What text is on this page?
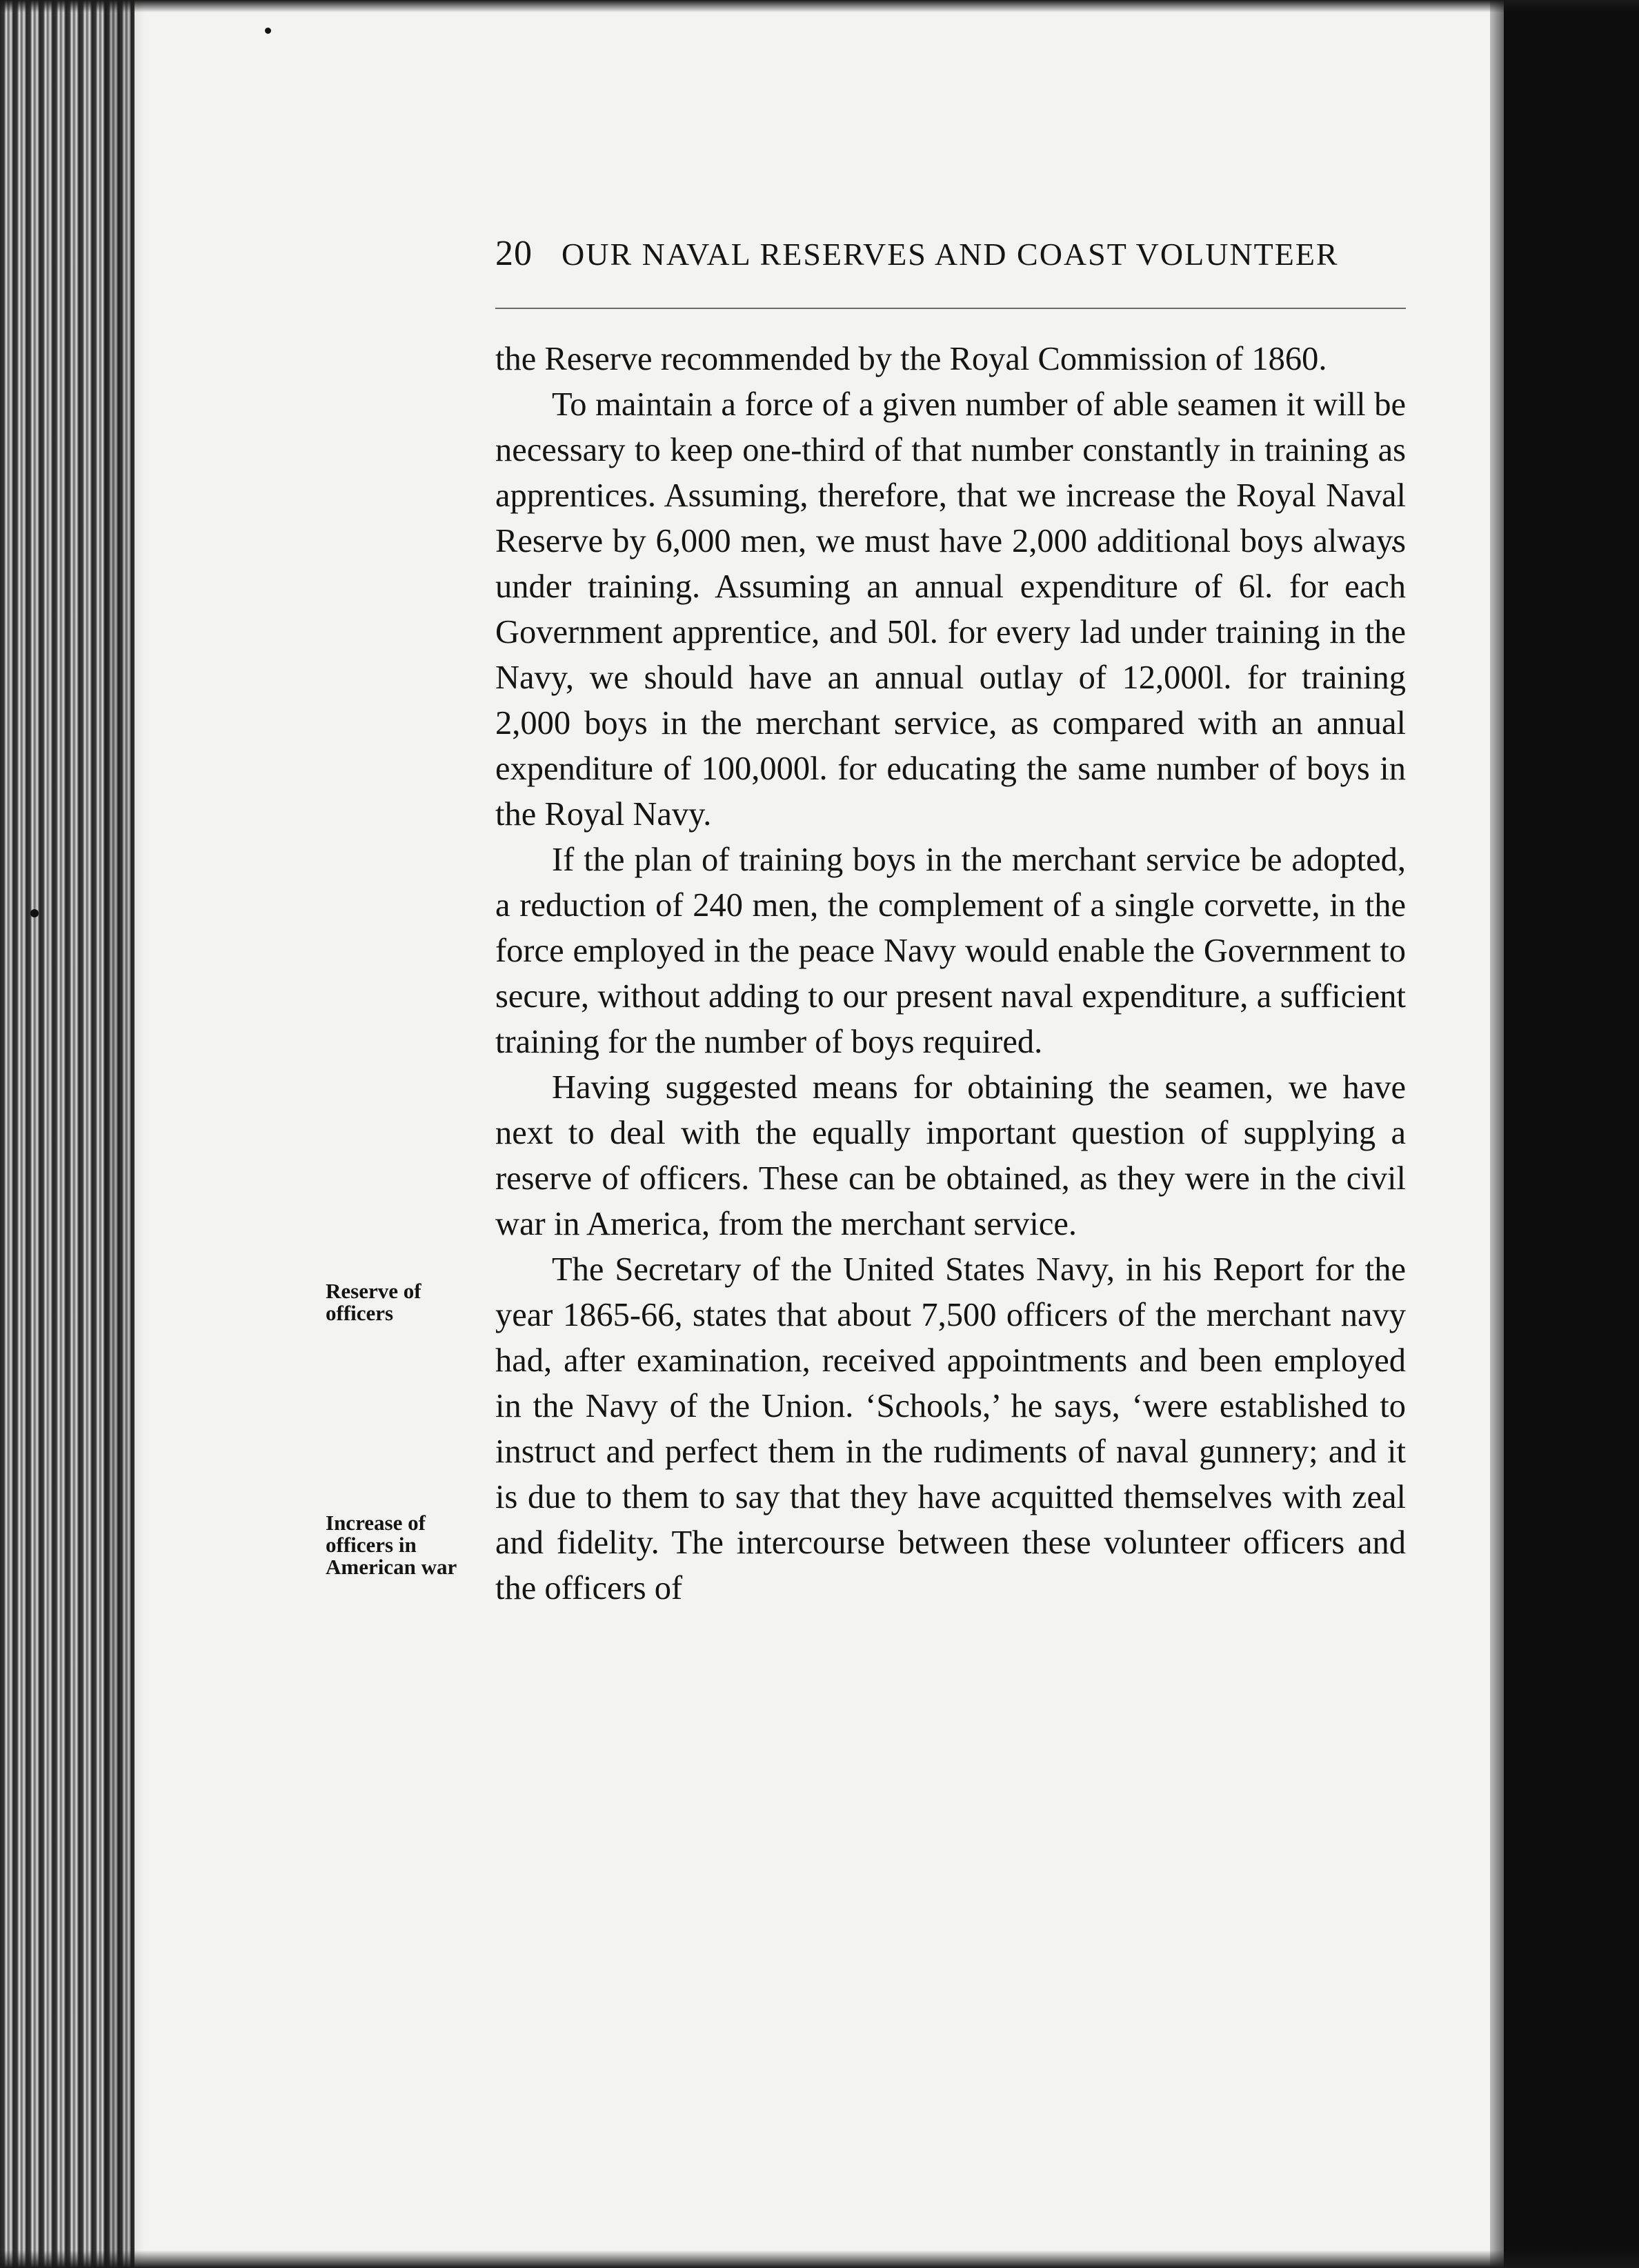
20 OUR NAVAL RESERVES AND COAST VOLUNTEER

the Reserve recommended by the Royal Commission of 1860.

To maintain a force of a given number of able seamen it will be necessary to keep one-third of that number constantly in training as apprentices. Assuming, therefore, that we increase the Royal Naval Reserve by 6,000 men, we must have 2,000 additional boys always under training. Assuming an annual expenditure of 6l. for each Government apprentice, and 50l. for every lad under training in the Navy, we should have an annual outlay of 12,000l. for training 2,000 boys in the merchant service, as compared with an annual expenditure of 100,000l. for educating the same number of boys in the Royal Navy.

If the plan of training boys in the merchant service be adopted, a reduction of 240 men, the complement of a single corvette, in the force employed in the peace Navy would enable the Government to secure, without adding to our present naval expenditure, a sufficient training for the number of boys required.

Having suggested means for obtaining the seamen, we have next to deal with the equally important question of supplying a reserve of officers. These can be obtained, as they were in the civil war in America, from the merchant service.

The Secretary of the United States Navy, in his Report for the year 1865-66, states that about 7,500 officers of the merchant navy had, after examination, received appointments and been employed in the Navy of the Union. ‘Schools,’ he says, ‘were established to instruct and perfect them in the rudiments of naval gunnery; and it is due to them to say that they have acquitted themselves with zeal and fidelity. The intercourse between these volunteer officers and the officers of

Reserve of officers
Increase of officers in American war
